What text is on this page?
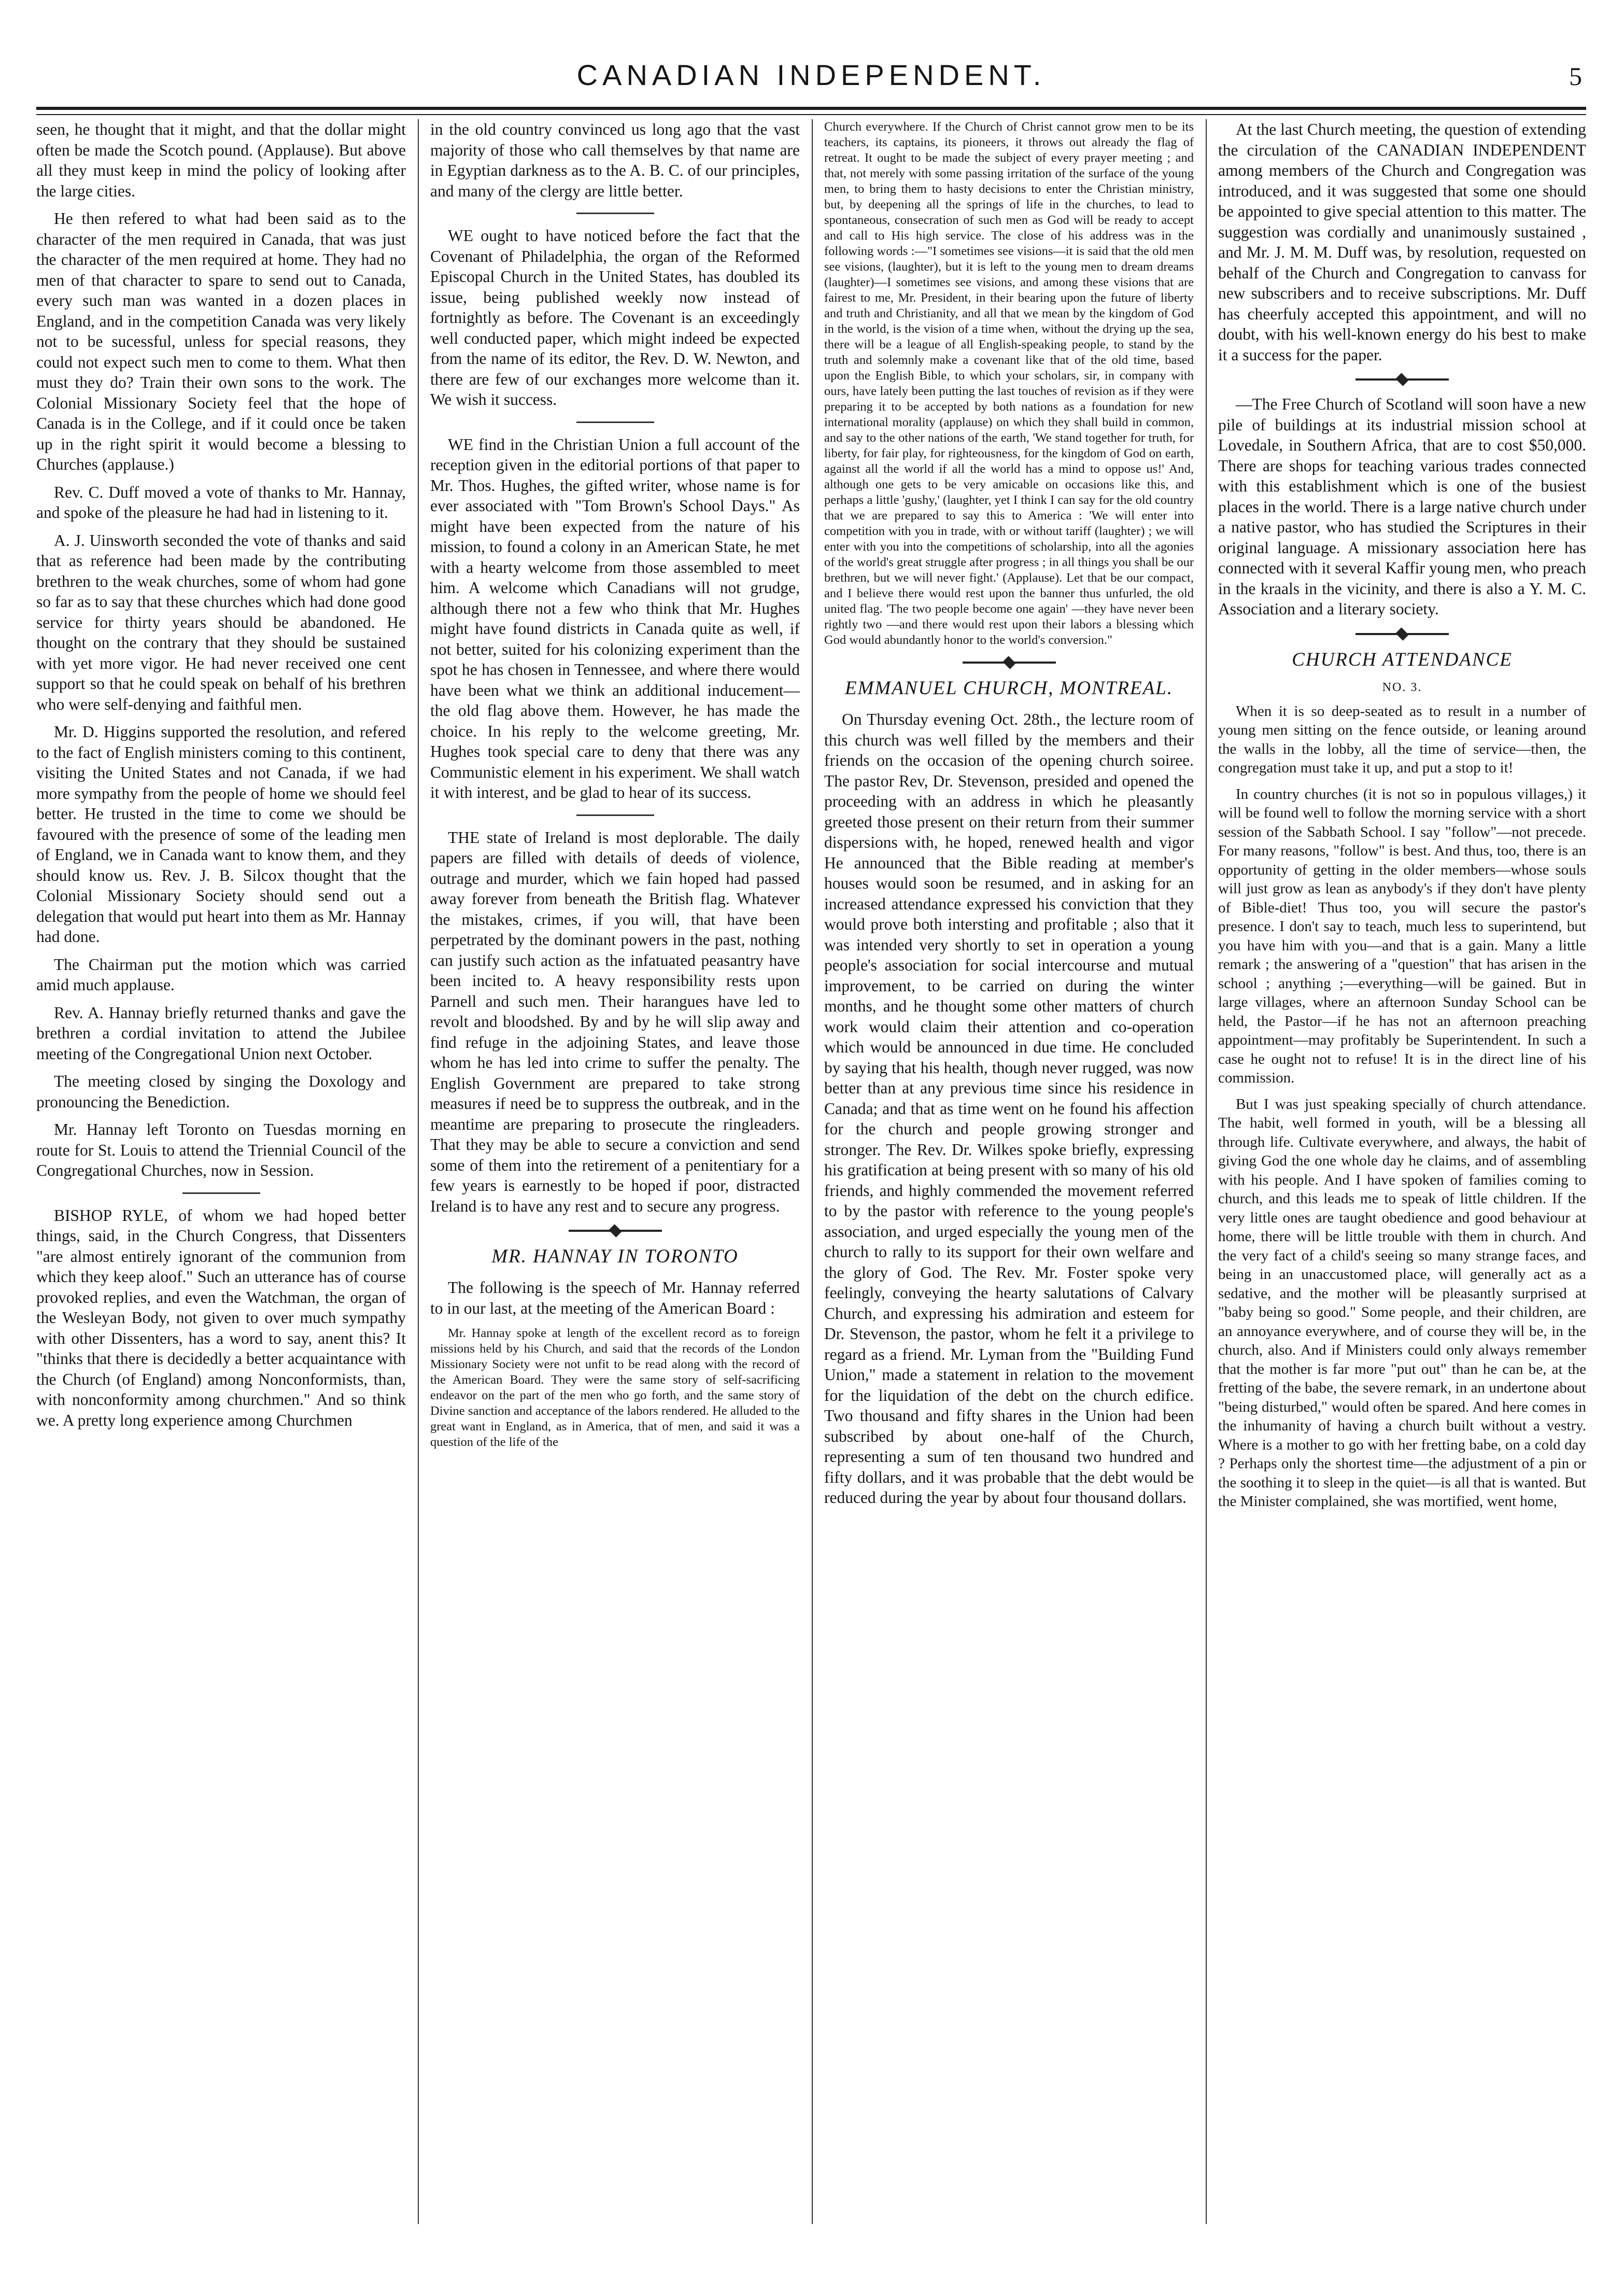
CANADIAN INDEPENDENT.	5

seen, he thought that it might, and that the dollar might often be made the Scotch pound. (Applause). But above all they must keep in mind the policy of looking after the large cities.

He then refered to what had been said as to the character of the men required in Canada, that was just the character of the men required at home. They had no men of that character to spare to send out to Canada, every such man was wanted in a dozen places in England, and in the competition Canada was very likely not to be sucessful, unless for special reasons, they could not expect such men to come to them. What then must they do? Train their own sons to the work. The Colonial Missionary Society feel that the hope of Canada is in the College, and if it could once be taken up in the right spirit it would become a blessing to Churches (applause.)

Rev. C. Duff moved a vote of thanks to Mr. Hannay, and spoke of the pleasure he had had in listening to it.

A. J. Uinsworth seconded the vote of thanks and said that as reference had been made by the contributing brethren to the weak churches, some of whom had gone so far as to say that these churches which had done good service for thirty years should be abandoned. He thought on the contrary that they should be sustained with yet more vigor. He had never received one cent support so that he could speak on behalf of his brethren who were self-denying and faithful men.

Mr. D. Higgins supported the resolution, and refered to the fact of English ministers coming to this continent, visiting the United States and not Canada, if we had more sympathy from the people of home we should feel better. He trusted in the time to come we should be favoured with the presence of some of the leading men of England, we in Canada want to know them, and they should know us. Rev. J. B. Silcox thought that the Colonial Missionary Society should send out a delegation that would put heart into them as Mr. Hannay had done.

The Chairman put the motion which was carried amid much applause.

Rev. A. Hannay briefly returned thanks and gave the brethren a cordial invitation to attend the Jubilee meeting of the Congregational Union next October.

The meeting closed by singing the Doxology and pronouncing the Benediction.

Mr. Hannay left Toronto on Tuesdas morning en route for St. Louis to attend the Triennial Council of the Congregational Churches, now in Session.

BISHOP RYLE, of whom we had hoped better things, said, in the Church Congress, that Dissenters "are almost entirely ignorant of the communion from which they keep aloof." Such an utterance has of course provoked replies, and even the Watchman, the organ of the Wesleyan Body, not given to over much sympathy with other Dissenters, has a word to say, anent this? It "thinks that there is decidedly a better acquaintance with the Church (of England) among Nonconformists, than, with nonconformity among churchmen." And so think we. A pretty long experience among Churchmen

in the old country convinced us long ago that the vast majority of those who call themselves by that name are in Egyptian darkness as to the A. B. C. of our principles, and many of the clergy are little better.

WE ought to have noticed before the fact that the Covenant of Philadelphia, the organ of the Reformed Episcopal Church in the United States, has doubled its issue, being published weekly now instead of fortnightly as before. The Covenant is an exceedingly well conducted paper, which might indeed be expected from the name of its editor, the Rev. D. W. Newton, and there are few of our exchanges more welcome than it. We wish it success.

WE find in the Christian Union a full account of the reception given in the editorial portions of that paper to Mr. Thos. Hughes, the gifted writer, whose name is for ever associated with "Tom Brown's School Days." As might have been expected from the nature of his mission, to found a colony in an American State, he met with a hearty welcome from those assembled to meet him. A welcome which Canadians will not grudge, although there not a few who think that Mr. Hughes might have found districts in Canada quite as well, if not better, suited for his colonizing experiment than the spot he has chosen in Tennessee, and where there would have been what we think an additional inducement— the old flag above them. However, he has made the choice. In his reply to the welcome greeting, Mr. Hughes took special care to deny that there was any Communistic element in his experiment. We shall watch it with interest, and be glad to hear of its success.

THE state of Ireland is most deplorable. The daily papers are filled with details of deeds of violence, outrage and murder, which we fain hoped had passed away forever from beneath the British flag. Whatever the mistakes, crimes, if you will, that have been perpetrated by the dominant powers in the past, nothing can justify such action as the infatuated peasantry have been incited to. A heavy responsibility rests upon Parnell and such men. Their harangues have led to revolt and bloodshed. By and by he will slip away and find refuge in the adjoining States, and leave those whom he has led into crime to suffer the penalty. The English Government are prepared to take strong measures if need be to suppress the outbreak, and in the meantime are preparing to prosecute the ringleaders. That they may be able to secure a conviction and send some of them into the retirement of a penitentiary for a few years is earnestly to be hoped if poor, distracted Ireland is to have any rest and to secure any progress.

MR. HANNAY IN TORONTO

The following is the speech of Mr. Hannay referred to in our last, at the meeting of the American Board :

Mr. Hannay spoke at length of the excellent record as to foreign missions held by his Church, and said that the records of the London Missionary Society were not unfit to be read along with the record of the American Board. They were the same story of self-sacrificing endeavor on the part of the men who go forth, and the same story of Divine sanction and acceptance of the labors rendered. He alluded to the great want in England, as in America, that of men, and said it was a question of the life of the

Church everywhere. If the Church of Christ cannot grow men to be its teachers, its captains, its pioneers, it throws out already the flag of retreat. It ought to be made the subject of every prayer meeting ; and that, not merely with some passing irritation of the surface of the young men, to bring them to hasty decisions to enter the Christian ministry, but, by deepening all the springs of life in the churches, to lead to spontaneous, consecration of such men as God will be ready to accept and call to His high service. The close of his address was in the following words :—"I sometimes see visions—it is said that the old men see visions, (laughter), but it is left to the young men to dream dreams (laughter)—I sometimes see visions, and among these visions that are fairest to me, Mr. President, in their bearing upon the future of liberty and truth and Christianity, and all that we mean by the kingdom of God in the world, is the vision of a time when, without the drying up the sea, there will be a league of all English-speaking people, to stand by the truth and solemnly make a covenant like that of the old time, based upon the English Bible, to which your scholars, sir, in company with ours, have lately been putting the last touches of revision as if they were preparing it to be accepted by both nations as a foundation for new international morality (applause) on which they shall build in common, and say to the other nations of the earth, 'We stand together for truth, for liberty, for fair play, for righteousness, for the kingdom of God on earth, against all the world if all the world has a mind to oppose us!' And, although one gets to be very amicable on occasions like this, and perhaps a little 'gushy,' (laughter, yet I think I can say for the old country that we are prepared to say this to America : 'We will enter into competition with you in trade, with or without tariff (laughter) ; we will enter with you into the competitions of scholarship, into all the agonies of the world's great struggle after progress ; in all things you shall be our brethren, but we will never fight.' (Applause). Let that be our compact, and I believe there would rest upon the banner thus unfurled, the old united flag. 'The two people become one again' —they have never been rightly two —and there would rest upon their labors a blessing which God would abundantly honor to the world's conversion."

EMMANUEL CHURCH, MONTREAL.

On Thursday evening Oct. 28th., the lecture room of this church was well filled by the members and their friends on the occasion of the opening church soiree. The pastor Rev, Dr. Stevenson, presided and opened the proceeding with an address in which he pleasantly greeted those present on their return from their summer dispersions with, he hoped, renewed health and vigor He announced that the Bible reading at member's houses would soon be resumed, and in asking for an increased attendance expressed his conviction that they would prove both intersting and profitable ; also that it was intended very shortly to set in operation a young people's association for social intercourse and mutual improvement, to be carried on during the winter months, and he thought some other matters of church work would claim their attention and co-operation which would be announced in due time. He concluded by saying that his health, though never rugged, was now better than at any previous time since his residence in Canada; and that as time went on he found his affection for the church and people growing stronger and stronger. The Rev. Dr. Wilkes spoke briefly, expressing his gratification at being present with so many of his old friends, and highly commended the movement referred to by the pastor with reference to the young people's association, and urged especially the young men of the church to rally to its support for their own welfare and the glory of God. The Rev. Mr. Foster spoke very feelingly, conveying the hearty salutations of Calvary Church, and expressing his admiration and esteem for Dr. Stevenson, the pastor, whom he felt it a privilege to regard as a friend. Mr. Lyman from the "Building Fund Union," made a statement in relation to the movement for the liquidation of the debt on the church edifice. Two thousand and fifty shares in the Union had been subscribed by about one-half of the Church, representing a sum of ten thousand two hundred and fifty dollars, and it was probable that the debt would be reduced during the year by about four thousand dollars.

At the last Church meeting, the question of extending the circulation of the CANADIAN INDEPENDENT among members of the Church and Congregation was introduced, and it was suggested that some one should be appointed to give special attention to this matter. The suggestion was cordially and unanimously sustained , and Mr. J. M. M. Duff was, by resolution, requested on behalf of the Church and Congregation to canvass for new subscribers and to receive subscriptions. Mr. Duff has cheerfuly accepted this appointment, and will no doubt, with his well-known energy do his best to make it a success for the paper.

—The Free Church of Scotland will soon have a new pile of buildings at its industrial mission school at Lovedale, in Southern Africa, that are to cost $50,000. There are shops for teaching various trades connected with this establishment which is one of the busiest places in the world. There is a large native church under a native pastor, who has studied the Scriptures in their original language. A missionary association here has connected with it several Kaffir young men, who preach in the kraals in the vicinity, and there is also a Y. M. C. Association and a literary society.

CHURCH ATTENDANCE

NO. 3.

When it is so deep-seated as to result in a number of young men sitting on the fence outside, or leaning around the walls in the lobby, all the time of service—then, the congregation must take it up, and put a stop to it!

In country churches (it is not so in populous villages,) it will be found well to follow the morning service with a short session of the Sabbath School. I say "follow"—not precede. For many reasons, "follow" is best. And thus, too, there is an opportunity of getting in the older members—whose souls will just grow as lean as anybody's if they don't have plenty of Bible-diet! Thus too, you will secure the pastor's presence. I don't say to teach, much less to superintend, but you have him with you—and that is a gain. Many a little remark ; the answering of a "question" that has arisen in the school ; anything ;—everything—will be gained. But in large villages, where an afternoon Sunday School can be held, the Pastor—if he has not an afternoon preaching appointment—may profitably be Superintendent. In such a case he ought not to refuse! It is in the direct line of his commission.

But I was just speaking specially of church attendance. The habit, well formed in youth, will be a blessing all through life. Cultivate everywhere, and always, the habit of giving God the one whole day he claims, and of assembling with his people. And I have spoken of families coming to church, and this leads me to speak of little children. If the very little ones are taught obedience and good behaviour at home, there will be little trouble with them in church. And the very fact of a child's seeing so many strange faces, and being in an unaccustomed place, will generally act as a sedative, and the mother will be pleasantly surprised at "baby being so good." Some people, and their children, are an annoyance everywhere, and of course they will be, in the church, also. And if Ministers could only always remember that the mother is far more "put out" than he can be, at the fretting of the babe, the severe remark, in an undertone about "being disturbed," would often be spared. And here comes in the inhumanity of having a church built without a vestry. Where is a mother to go with her fretting babe, on a cold day ? Perhaps only the shortest time—the adjustment of a pin or the soothing it to sleep in the quiet—is all that is wanted. But the Minister complained, she was mortified, went home,
